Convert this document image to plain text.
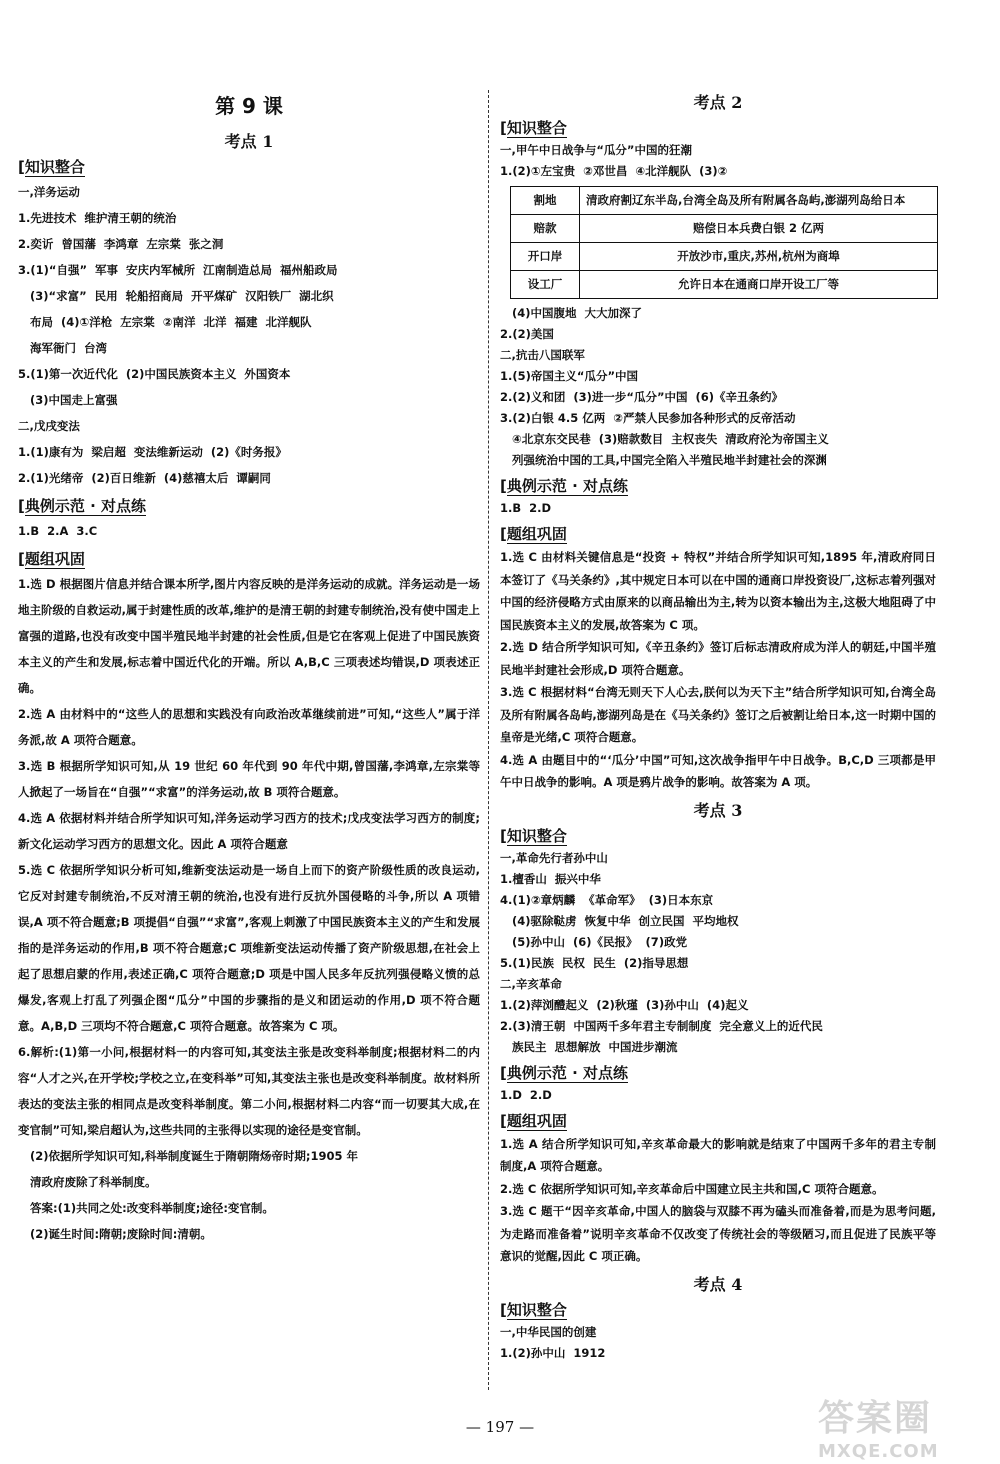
第 9 课
考点 1
[ 知识整合

一,洋务运动

1.先进技术  维护清王朝的统治

2.奕䜣  曾国藩  李鸿章  左宗棠  张之洞

3.(1)“自强”  军事  安庆内军械所  江南制造总局  福州船政局

(3)“求富”  民用  轮船招商局  开平煤矿  汉阳铁厂  湖北织

布局  (4)①洋枪  左宗棠  ②南洋  北洋  福建  北洋舰队

海军衙门  台湾

5.(1)第一次近代化  (2)中国民族资本主义  外国资本

(3)中国走上富强

二,戊戌变法

1.(1)康有为  梁启超  变法维新运动  (2)《时务报》

2.(1)光绪帝  (2)百日维新  (4)慈禧太后  谭嗣同

[ 典例示范 · 对点练

1.B  2.A  3.C

[ 题组巩固

1.选 D 根据图片信息并结合课本所学,图片内容反映的是洋务运动的成就。洋务运动是一场地主阶级的自救运动,属于封建性质的改革,维护的是清王朝的封建专制统治,没有使中国走上富强的道路,也没有改变中国半殖民地半封建的社会性质,但是它在客观上促进了中国民族资本主义的产生和发展,标志着中国近代化的开端。所以 A,B,C 三项表述均错误,D 项表述正确。

2.选 A 由材料中的“这些人的思想和实践没有向政治改革继续前进”可知,“这些人”属于洋务派,故 A 项符合题意。

3.选 B 根据所学知识可知,从 19 世纪 60 年代到 90 年代中期,曾国藩,李鸿章,左宗棠等人掀起了一场旨在“自强”“求富”的洋务运动,故 B 项符合题意。

4.选 A 依据材料并结合所学知识可知,洋务运动学习西方的技术;戊戌变法学习西方的制度;新文化运动学习西方的思想文化。因此 A 项符合题意

5.选 C 依据所学知识分析可知,维新变法运动是一场自上而下的资产阶级性质的改良运动,它反对封建专制统治,不反对清王朝的统治,也没有进行反抗外国侵略的斗争,所以 A 项错误,A 项不符合题意;B 项提倡“自强”“求富”,客观上刺激了中国民族资本主义的产生和发展指的是洋务运动的作用,B 项不符合题意;C 项维新变法运动传播了资产阶级思想,在社会上起了思想启蒙的作用,表述正确,C 项符合题意;D 项是中国人民多年反抗列强侵略义愤的总爆发,客观上打乱了列强企图“瓜分”中国的步骤指的是义和团运动的作用,D 项不符合题意。A,B,D 三项均不符合题意,C 项符合题意。故答案为 C 项。

6.解析:(1)第一小问,根据材料一的内容可知,其变法主张是改变科举制度;根据材料二的内容“人才之兴,在开学校;学校之立,在变科举”可知,其变法主张也是改变科举制度。故材料所表达的变法主张的相同点是改变科举制度。第二小问,根据材料二内容“而一切要其大成,在变官制”可知,梁启超认为,这些共同的主张得以实现的途径是变官制。

(2)依据所学知识可知,科举制度诞生于隋朝隋炀帝时期;1905 年

清政府废除了科举制度。

答案:(1)共同之处:改变科举制度;途径:变官制。

(2)诞生时间:隋朝;废除时间:清朝。

考点 2
[ 知识整合

一,甲午中日战争与“瓜分”中国的狂潮

1.(2)①左宝贵  ②邓世昌  ④北洋舰队  (3)②

割地	清政府割辽东半岛,台湾全岛及所有附属各岛屿,澎湖列岛给日本
赔款	赔偿日本兵费白银 2 亿两
开口岸	开放沙市,重庆,苏州,杭州为商埠
设工厂	允许日本在通商口岸开设工厂等

(4)中国腹地  大大加深了

2.(2)美国

二,抗击八国联军

1.(5)帝国主义“瓜分”中国

2.(2)义和团  (3)进一步“瓜分”中国  (6)《辛丑条约》

3.(2)白银 4.5 亿两  ②严禁人民参加各种形式的反帝活动

④北京东交民巷  (3)赔款数目  主权丧失  清政府沦为帝国主义

列强统治中国的工具,中国完全陷入半殖民地半封建社会的深渊

[ 典例示范 · 对点练

1.B  2.D

[ 题组巩固

1.选 C 由材料关键信息是“投资 + 特权”并结合所学知识可知,1895 年,清政府同日本签订了《马关条约》,其中规定日本可以在中国的通商口岸投资设厂,这标志着列强对中国的经济侵略方式由原来的以商品输出为主,转为以资本输出为主,这极大地阻碍了中国民族资本主义的发展,故答案为 C 项。

2.选 D 结合所学知识可知,《辛丑条约》签订后标志清政府成为洋人的朝廷,中国半殖民地半封建社会形成,D 项符合题意。

3.选 C 根据材料“台湾无则天下人心去,朕何以为天下主”结合所学知识可知,台湾全岛及所有附属各岛屿,澎湖列岛是在《马关条约》签订之后被割让给日本,这一时期中国的皇帝是光绪,C 项符合题意。

4.选 A 由题目中的“‘瓜分’中国”可知,这次战争指甲午中日战争。B,C,D 三项都是甲午中日战争的影响。A 项是鸦片战争的影响。故答案为 A 项。

考点 3
[ 知识整合

一,革命先行者孙中山

1.檀香山  振兴中华

4.(1)②章炳麟  《革命军》  (3)日本东京

(4)驱除鞑虏  恢复中华  创立民国  平均地权

(5)孙中山  (6)《民报》  (7)政党

5.(1)民族  民权  民生  (2)指导思想

二,辛亥革命

1.(2)萍浏醴起义  (2)秋瑾  (3)孙中山  (4)起义

2.(3)清王朝  中国两千多年君主专制制度  完全意义上的近代民

族民主  思想解放  中国进步潮流

[ 典例示范 · 对点练

1.D  2.D

[ 题组巩固

1.选 A 结合所学知识可知,辛亥革命最大的影响就是结束了中国两千多年的君主专制制度,A 项符合题意。

2.选 C 依据所学知识可知,辛亥革命后中国建立民主共和国,C 项符合题意。

3.选 C 题干“因辛亥革命,中国人的脑袋与双膝不再为磕头而准备着,而是为思考问题,为走路而准备着”说明辛亥革命不仅改变了传统社会的等级陋习,而且促进了民族平等意识的觉醒,因此 C 项正确。

考点 4
[ 知识整合

一,中华民国的创建

1.(2)孙中山  1912

— 197 —	答案圈
MXQE.COM
